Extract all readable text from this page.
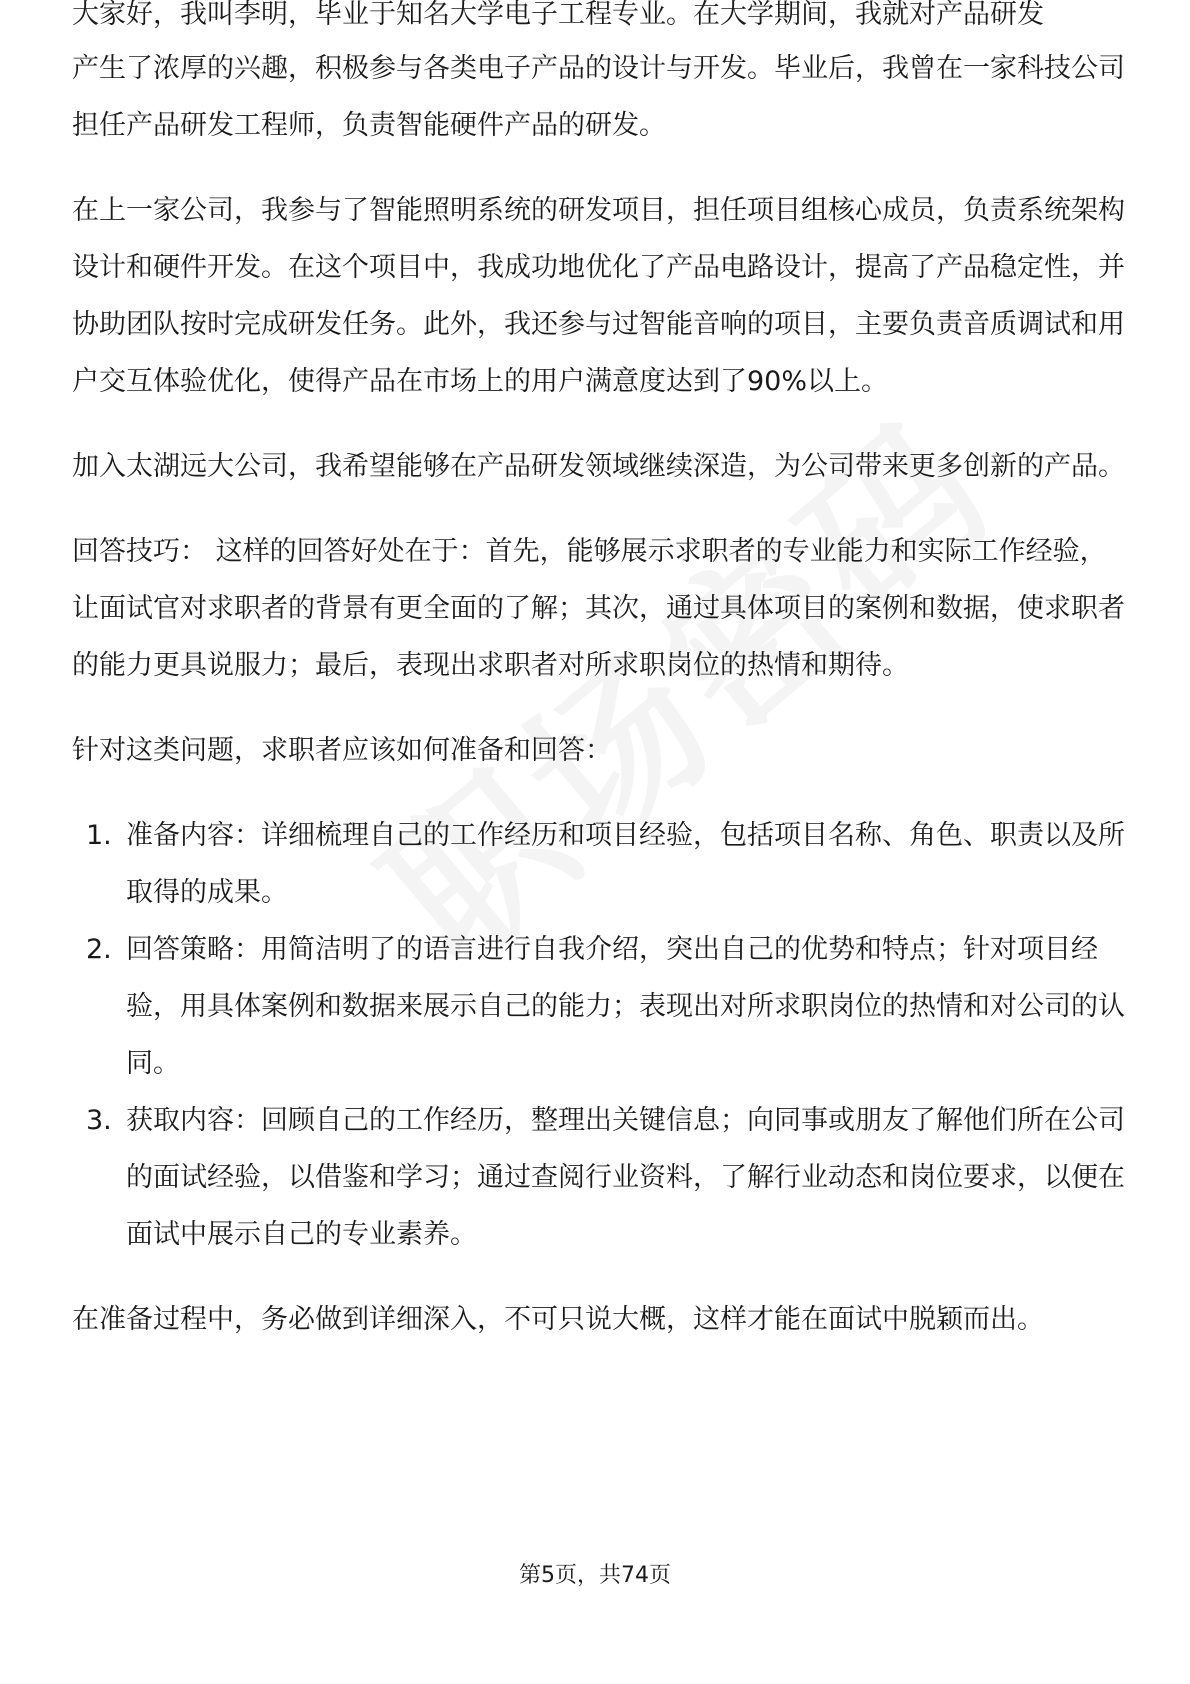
大家好，我叫李明，毕业于知名大学电子工程专业。在大学期间，我就对产品研发

产生了浓厚的兴趣，积极参与各类电子产品的设计与开发。毕业后，我曾在一家科技公司担任产品研发工程师，负责智能硬件产品的研发。

在上一家公司，我参与了智能照明系统的研发项目，担任项目组核心成员，负责系统架构设计和硬件开发。在这个项目中，我成功地优化了产品电路设计，提高了产品稳定性，并协助团队按时完成研发任务。此外，我还参与过智能音响的项目，主要负责音质调试和用户交互体验优化，使得产品在市场上的用户满意度达到了90%以上。

加入太湖远大公司，我希望能够在产品研发领域继续深造，为公司带来更多创新的产品。

回答技巧： 这样的回答好处在于：首先，能够展示求职者的专业能力和实际工作经验，让面试官对求职者的背景有更全面的了解；其次，通过具体项目的案例和数据，使求职者的能力更具说服力；最后，表现出求职者对所求职岗位的热情和期待。

针对这类问题，求职者应该如何准备和回答：

1. 准备内容：详细梳理自己的工作经历和项目经验，包括项目名称、角色、职责以及所取得的成果。
2. 回答策略：用简洁明了的语言进行自我介绍，突出自己的优势和特点；针对项目经验，用具体案例和数据来展示自己的能力；表现出对所求职岗位的热情和对公司的认同。
3. 获取内容：回顾自己的工作经历，整理出关键信息；向同事或朋友了解他们所在公司的面试经验，以借鉴和学习；通过查阅行业资料，了解行业动态和岗位要求，以便在面试中展示自己的专业素养。

在准备过程中，务必做到详细深入，不可只说大概，这样才能在面试中脱颖而出。

第5页，共74页
